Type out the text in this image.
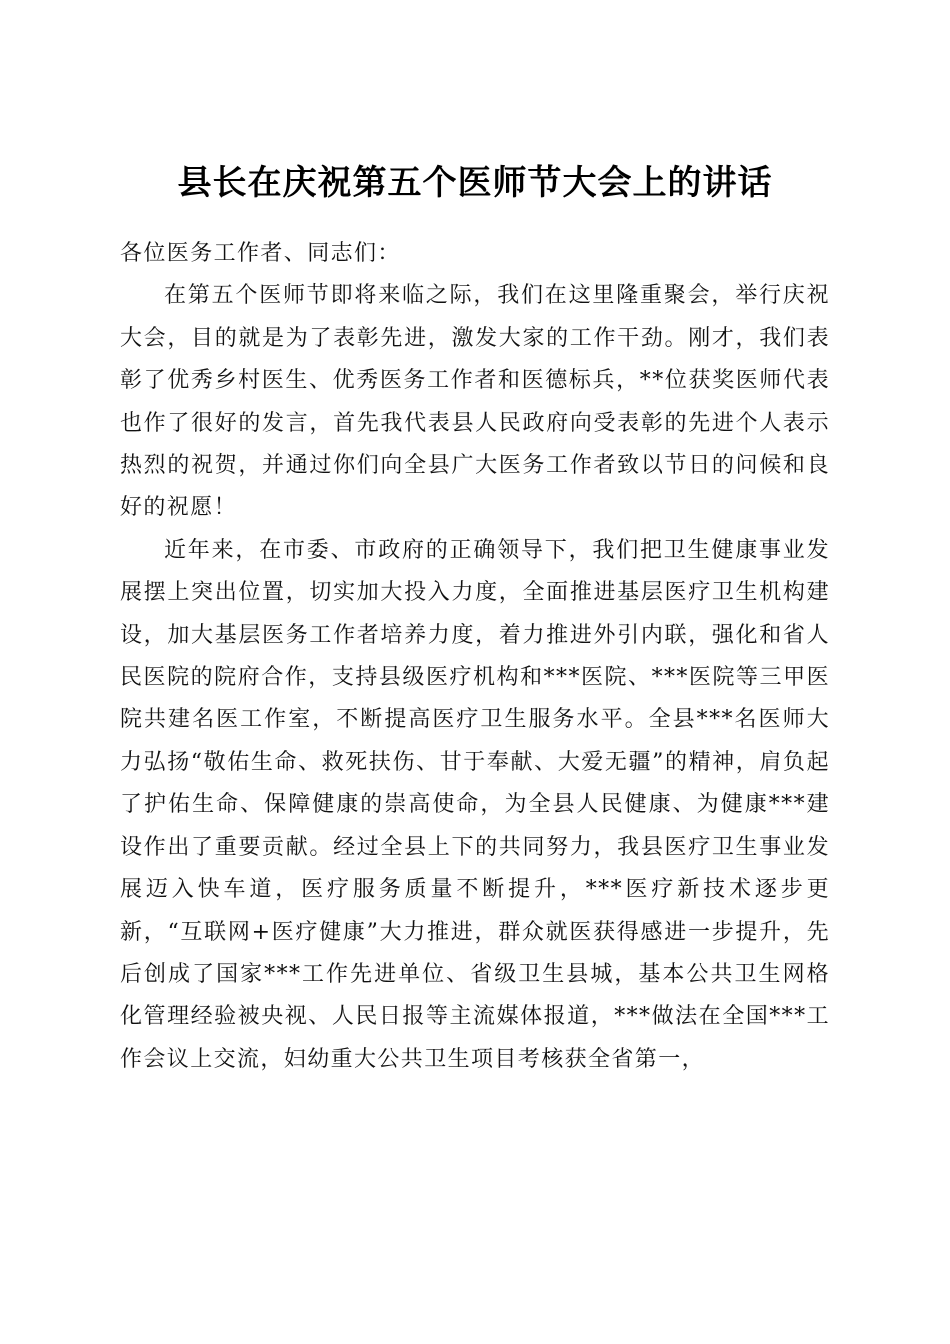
县长在庆祝第五个医师节大会上的讲话

各位医务工作者、同志们：

在第五个医师节即将来临之际，我们在这里隆重聚会，举行庆祝大会，目的就是为了表彰先进，激发大家的工作干劲。刚才，我们表彰了优秀乡村医生、优秀医务工作者和医德标兵，**位获奖医师代表也作了很好的发言，首先我代表县人民政府向受表彰的先进个人表示热烈的祝贺，并通过你们向全县广大医务工作者致以节日的问候和良好的祝愿！

近年来，在市委、市政府的正确领导下，我们把卫生健康事业发展摆上突出位置，切实加大投入力度，全面推进基层医疗卫生机构建设，加大基层医务工作者培养力度，着力推进外引内联，强化和省人民医院的院府合作，支持县级医疗机构和***医院、***医院等三甲医院共建名医工作室，不断提高医疗卫生服务水平。全县***名医师大力弘扬“敬佑生命、救死扶伤、甘于奉献、大爱无疆”的精神，肩负起了护佑生命、保障健康的崇高使命，为全县人民健康、为健康***建设作出了重要贡献。经过全县上下的共同努力，我县医疗卫生事业发展迈入快车道，医疗服务质量不断提升，***医疗新技术逐步更新，“互联网+医疗健康”大力推进，群众就医获得感进一步提升，先后创成了国家***工作先进单位、省级卫生县城，基本公共卫生网格化管理经验被央视、人民日报等主流媒体报道，***做法在全国***工作会议上交流，妇幼重大公共卫生项目考核获全省第一，
